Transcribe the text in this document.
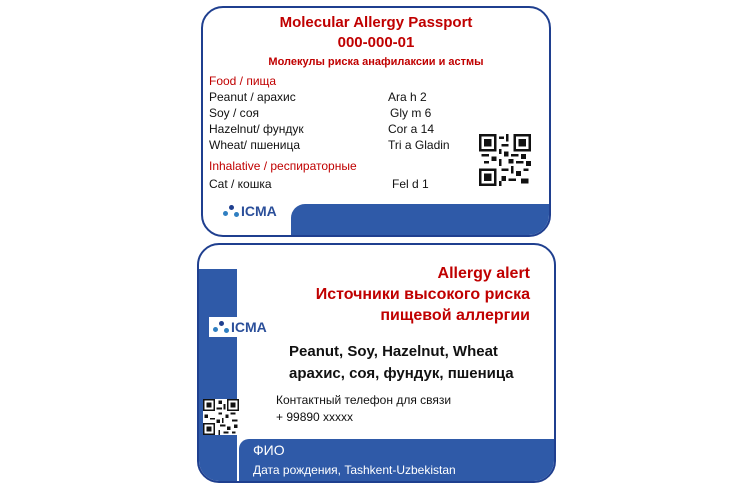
Molecular Allergy Passport
000-000-01
Молекулы риска анафилаксии и астмы
Food / пища
Peanut / арахис	Ara h 2
Soy / соя	Gly m 6
Hazelnut/ фундук	Cor a 14
Wheat/ пшеница	Tri a Gladin
Inhalative / респираторные
Cat / кошка	Fel d 1
ICMA
Allergy alert
Источники высокого риска
пищевой аллергии
ICMA
Peanut, Soy, Hazelnut, Wheat
арахис, соя, фундук, пшеница
Контактный телефон для связи
+ 99890 xxxxx
ФИО
Дата рождения, Tashkent-Uzbekistan
